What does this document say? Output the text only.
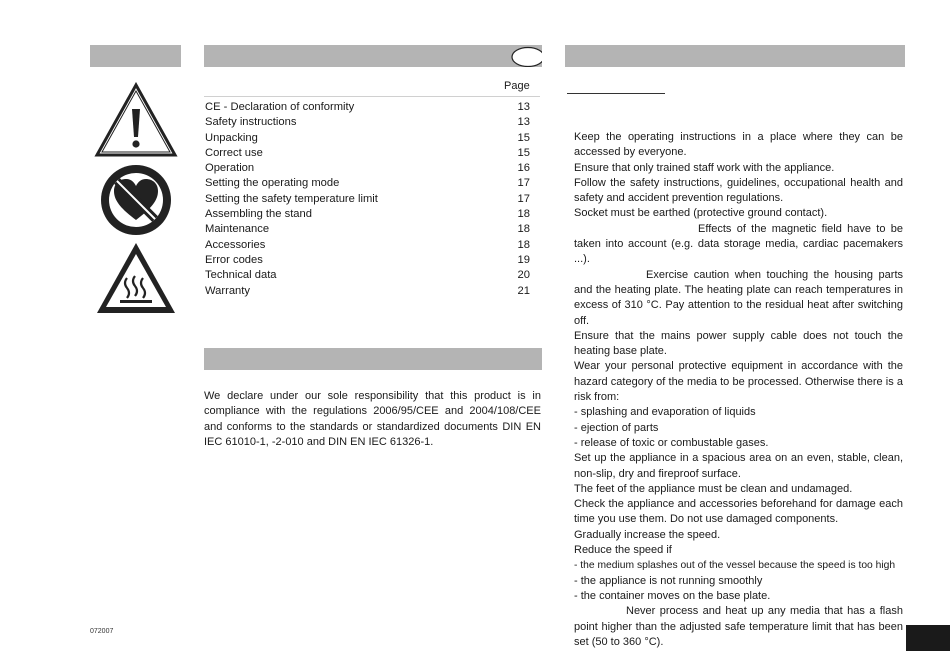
Page
CE - Declaration of conformity	13
Safety instructions	13
Unpacking	15
Correct use	15
Operation	16
Setting the operating mode	17
Setting the safety temperature limit	17
Assembling the stand	18
Maintenance	18
Accessories	18
Error codes	19
Technical data	20
Warranty	21

We declare under our sole responsibility that this product is in compliance with the regulations 2006/95/CEE and 2004/108/CEE and conforms to the standards or standardized documents DIN EN IEC 61010-1, -2-010 and DIN EN IEC 61326-1.

Keep the operating instructions in a place where they can be accessed by everyone.

Ensure that only trained staff work with the appliance.

Follow the safety instructions, guidelines, occupational health and safety and accident prevention regulations.

Socket must be earthed (protective ground contact).

Effects of the magnetic field have to be taken into account (e.g. data storage media, cardiac pacemakers ...).

Exercise caution when touching the housing parts and the heating plate. The heating plate can reach temperatures in excess of 310 °C. Pay attention to the residual heat after switching off.

Ensure that the mains power supply cable does not touch the heating base plate.

Wear your personal protective equipment in accordance with the hazard category of the media to be processed. Otherwise there is a risk from:

- splashing and evaporation of liquids

- ejection of parts

- release of toxic or combustable gases.

Set up the appliance in a spacious area on an even, stable, clean, non-slip, dry and fireproof surface.

The feet of the appliance must be clean and undamaged.

Check the appliance and accessories beforehand for damage each time you use them. Do not use damaged components.

Gradually increase the speed.

Reduce the speed if

- the medium splashes out of the vessel because the speed is too high

- the appliance is not running smoothly

- the container moves on the base plate.

Never process and heat up any media that has a flash point higher than the adjusted safe temperature limit that has been set (50 to 360 °C).

072007
